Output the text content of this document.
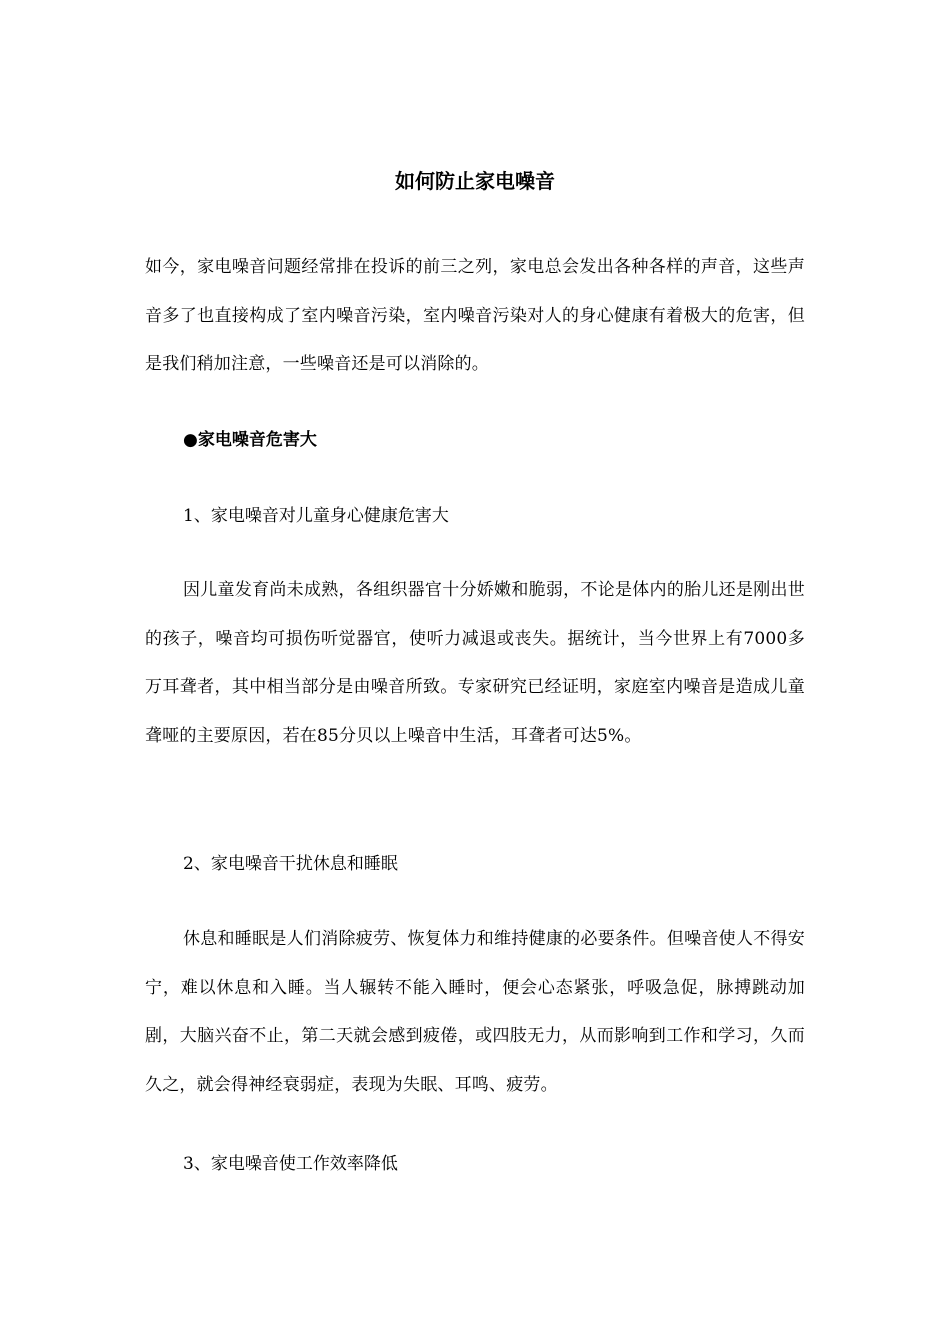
如何防止家电噪音

如今，家电噪音问题经常排在投诉的前三之列，家电总会发出各种各样的声音，这些声音多了也直接构成了室内噪音污染，室内噪音污染对人的身心健康有着极大的危害，但是我们稍加注意，一些噪音还是可以消除的。

●家电噪音危害大

1、家电噪音对儿童身心健康危害大

因儿童发育尚未成熟，各组织器官十分娇嫩和脆弱，不论是体内的胎儿还是刚出世的孩子，噪音均可损伤听觉器官，使听力减退或丧失。据统计，当今世界上有7000多万耳聋者，其中相当部分是由噪音所致。专家研究已经证明，家庭室内噪音是造成儿童聋哑的主要原因，若在85分贝以上噪音中生活，耳聋者可达5%。

2、家电噪音干扰休息和睡眠

休息和睡眠是人们消除疲劳、恢复体力和维持健康的必要条件。但噪音使人不得安宁，难以休息和入睡。当人辗转不能入睡时，便会心态紧张，呼吸急促，脉搏跳动加剧，大脑兴奋不止，第二天就会感到疲倦，或四肢无力，从而影响到工作和学习，久而久之，就会得神经衰弱症，表现为失眠、耳鸣、疲劳。

3、家电噪音使工作效率降低
